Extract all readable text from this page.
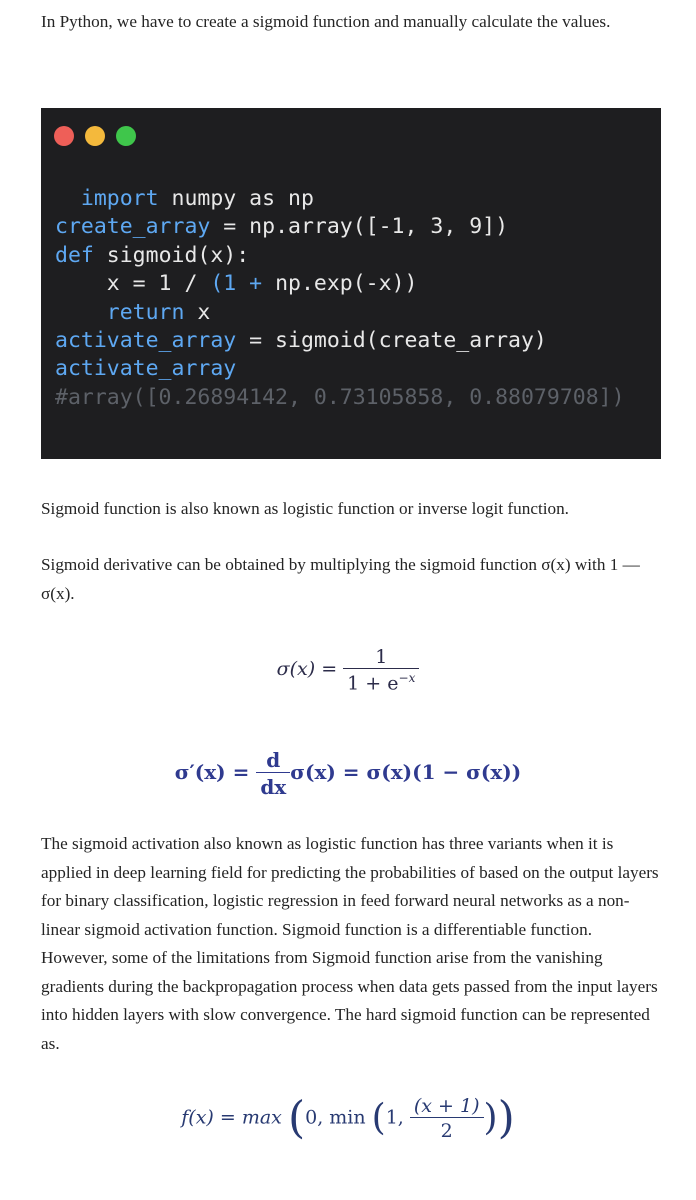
In Python, we have to create a sigmoid function and manually calculate the values.

import numpy as np
create_array = np.array([-1, 3, 9])
def sigmoid(x):
x = 1 / (1 + np.exp(-x))
return x
activate_array = sigmoid(create_array)
activate_array
#array([0.26894142, 0.73105858, 0.88079708])

Sigmoid function is also known as logistic function or inverse logit function.

Sigmoid derivative can be obtained by multiplying the sigmoid function σ(x) with 1 — σ(x).

$\sigma(x) = \frac{1}{1 + e^{-x}}$
$\sigma'(x) = \frac{d}{dx} \sigma(x) = \sigma(x)(1 - \sigma(x))$

The sigmoid activation also known as logistic function has three variants when it is applied in deep learning field for predicting the probabilities of based on the output layers for binary classification, logistic regression in feed forward neural networks as a non-linear sigmoid activation function. Sigmoid function is a differentiable function. However, some of the limitations from Sigmoid function arise from the vanishing gradients during the backpropagation process when data gets passed from the input layers into hidden layers with slow convergence. The hard sigmoid function can be represented as.

f(x) = max (0, min (1, $\frac{(x + 1)}{2}$ ))
